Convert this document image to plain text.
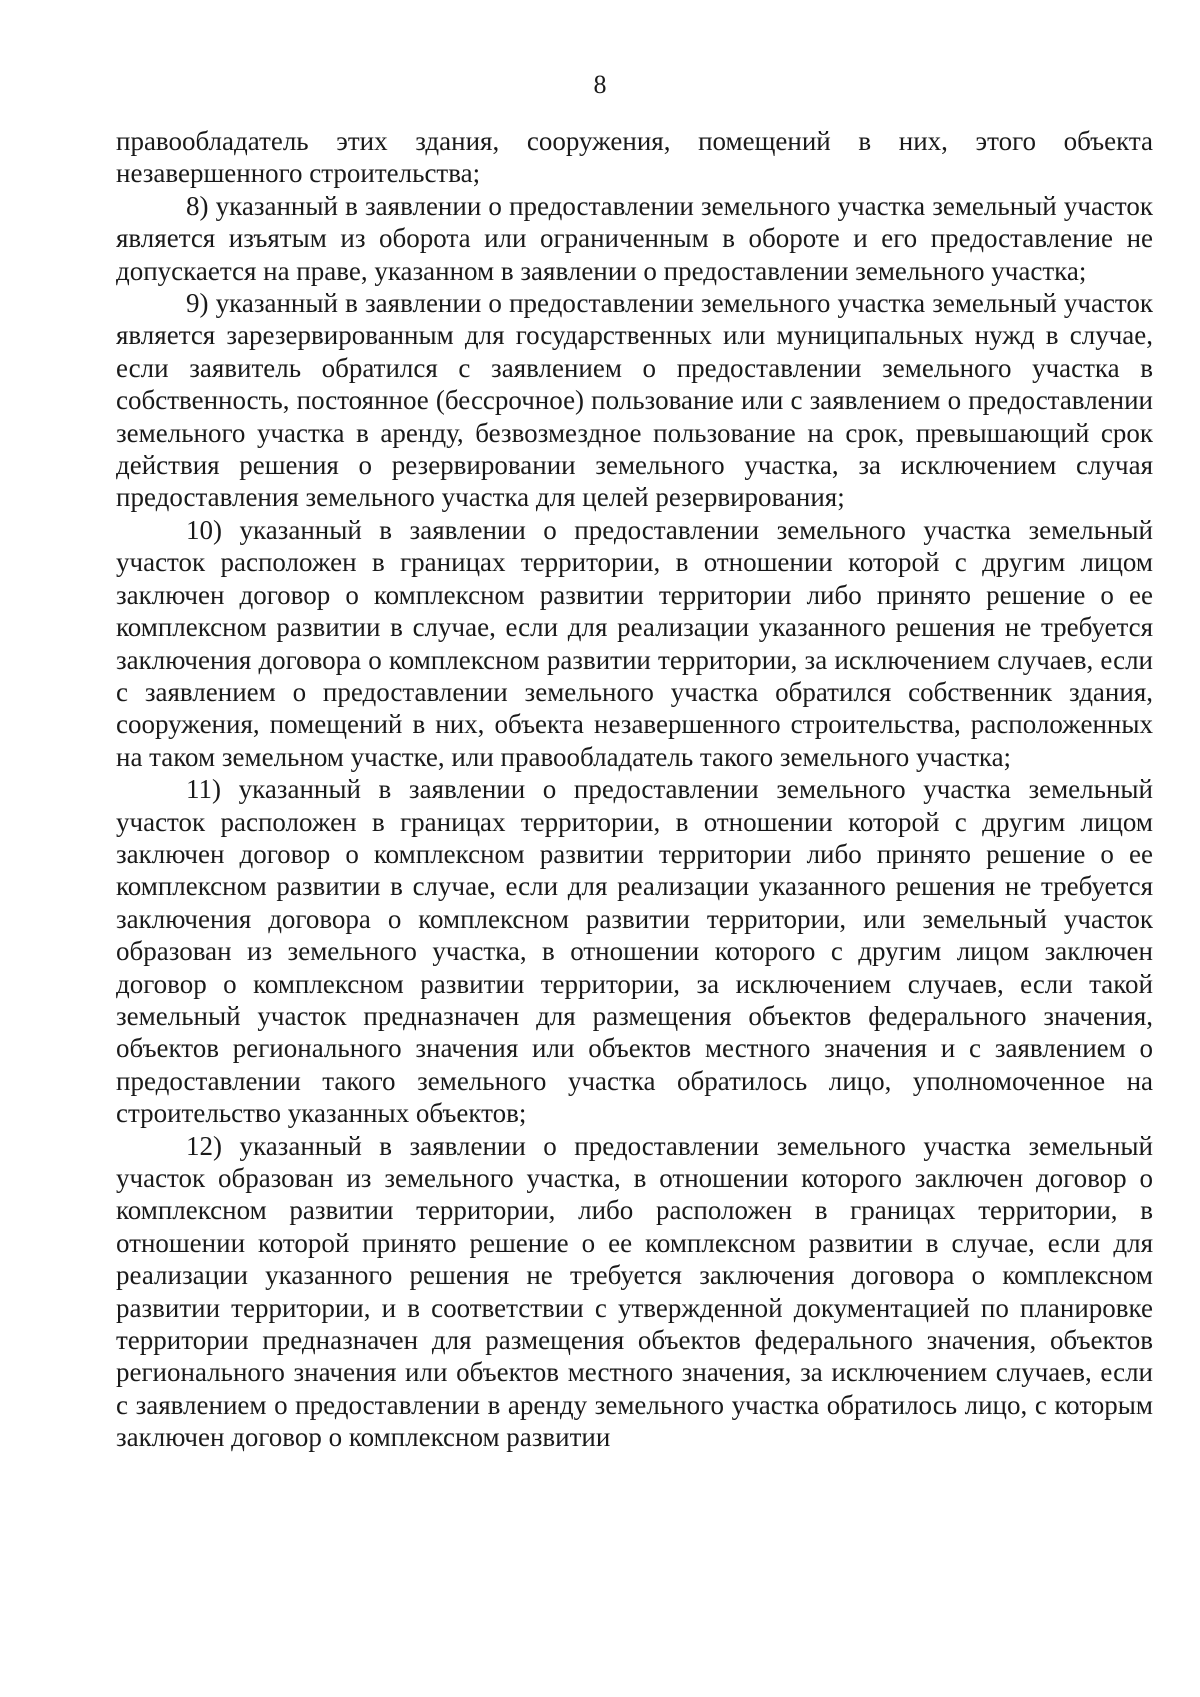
8

правообладатель этих здания, сооружения, помещений в них, этого объекта незавершенного строительства;

8) указанный в заявлении о предоставлении земельного участка земельный участок является изъятым из оборота или ограниченным в обороте и его предоставление не допускается на праве, указанном в заявлении о предоставлении земельного участка;

9) указанный в заявлении о предоставлении земельного участка земельный участок является зарезервированным для государственных или муниципальных нужд в случае, если заявитель обратился с заявлением о предоставлении земельного участка в собственность, постоянное (бессрочное) пользование или с заявлением о предоставлении земельного участка в аренду, безвозмездное пользование на срок, превышающий срок действия решения о резервировании земельного участка, за исключением случая предоставления земельного участка для целей резервирования;

10) указанный в заявлении о предоставлении земельного участка земельный участок расположен в границах территории, в отношении которой с другим лицом заключен договор о комплексном развитии территории либо принято решение о ее комплексном развитии в случае, если для реализации указанного решения не требуется заключения договора о комплексном развитии территории, за исключением случаев, если с заявлением о предоставлении земельного участка обратился собственник здания, сооружения, помещений в них, объекта незавершенного строительства, расположенных на таком земельном участке, или правообладатель такого земельного участка;

11) указанный в заявлении о предоставлении земельного участка земельный участок расположен в границах территории, в отношении которой с другим лицом заключен договор о комплексном развитии территории либо принято решение о ее комплексном развитии в случае, если для реализации указанного решения не требуется заключения договора о комплексном развитии территории, или земельный участок образован из земельного участка, в отношении которого с другим лицом заключен договор о комплексном развитии территории, за исключением случаев, если такой земельный участок предназначен для размещения объектов федерального значения, объектов регионального значения или объектов местного значения и с заявлением о предоставлении такого земельного участка обратилось лицо, уполномоченное на строительство указанных объектов;

12) указанный в заявлении о предоставлении земельного участка земельный участок образован из земельного участка, в отношении которого заключен договор о комплексном развитии территории, либо расположен в границах территории, в отношении которой принято решение о ее комплексном развитии в случае, если для реализации указанного решения не требуется заключения договора о комплексном развитии территории, и в соответствии с утвержденной документацией по планировке территории предназначен для размещения объектов федерального значения, объектов регионального значения или объектов местного значения, за исключением случаев, если с заявлением о предоставлении в аренду земельного участка обратилось лицо, с которым заключен договор о комплексном развитии
